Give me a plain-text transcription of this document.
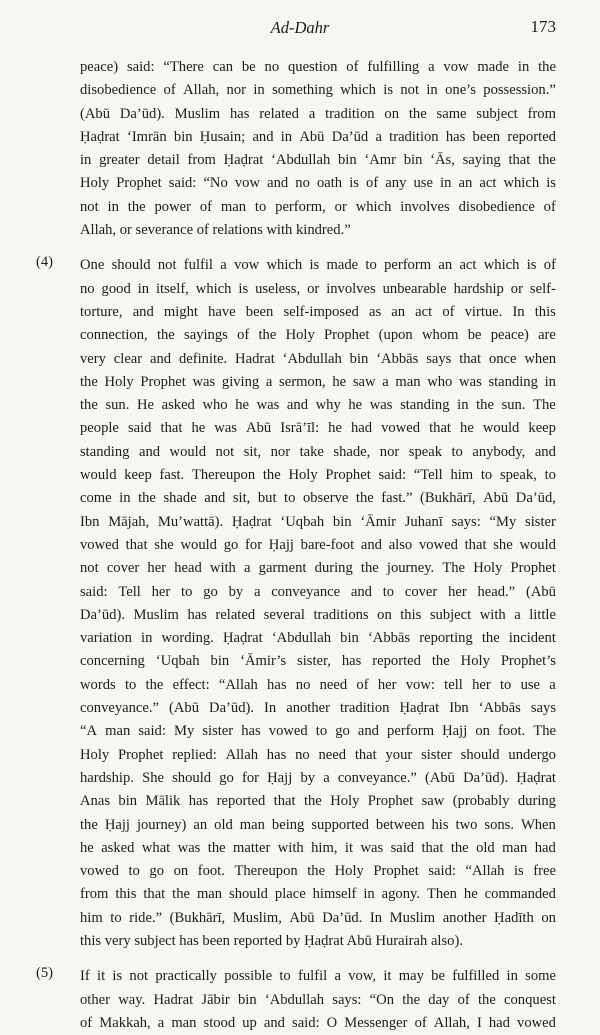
Ad-Dahr	173
peace) said: “There can be no question of fulfilling a vow made in the
disobedience of Allah, nor in something which is not in one’s possession.”
(Abū Da’ūd). Muslim has related a tradition on the same subject from
Ḥaḍrat ‘Imrān bin Ḥusain; and in Abū Da’ūd a tradition has been reported
in greater detail from Ḥaḍrat ‘Abdullah bin ‘Amr bin ‘Ās, saying that the
Holy Prophet said: “No vow and no oath is of any use in an act which is
not in the power of man to perform, or which involves disobedience of
Allah, or severance of relations with kindred.”
(4) One should not fulfil a vow which is made to perform an act which is of
no good in itself, which is useless, or involves unbearable hardship or self-
torture, and might have been self-imposed as an act of virtue. In this
connection, the sayings of the Holy Prophet (upon whom be peace) are
very clear and definite. Hadrat ‘Abdullah bin ‘Abbās says that once when
the Holy Prophet was giving a sermon, he saw a man who was standing in
the sun. He asked who he was and why he was standing in the sun. The
people said that he was Abū Isrā’īl: he had vowed that he would keep
standing and would not sit, nor take shade, nor speak to anybody, and
would keep fast. Thereupon the Holy Prophet said: “Tell him to speak, to
come in the shade and sit, but to observe the fast.” (Bukhārī, Abū Da’ūd,
Ibn Mājah, Mu’wattā). Ḥaḍrat ‘Uqbah bin ‘Āmir Juhanī says: “My sister
vowed that she would go for Ḥajj bare-foot and also vowed that she would
not cover her head with a garment during the journey. The Holy Prophet
said: Tell her to go by a conveyance and to cover her head.” (Abū
Da’ūd). Muslim has related several traditions on this subject with a little
variation in wording. Ḥaḍrat ‘Abdullah bin ‘Abbās reporting the incident
concerning ‘Uqbah bin ‘Āmir’s sister, has reported the Holy Prophet’s
words to the effect: “Allah has no need of her vow: tell her to use a
conveyance.” (Abū Da’ūd). In another tradition Ḥaḍrat Ibn ‘Abbās says
“A man said: My sister has vowed to go and perform Ḥajj on foot. The
Holy Prophet replied: Allah has no need that your sister should undergo
hardship. She should go for Ḥajj by a conveyance.” (Abū Da’ūd). Ḥaḍrat
Anas bin Mālik has reported that the Holy Prophet saw (probably during
the Ḥajj journey) an old man being supported between his two sons. When
he asked what was the matter with him, it was said that the old man had
vowed to go on foot. Thereupon the Holy Prophet said: “Allah is free
from this that the man should place himself in agony. Then he commanded
him to ride.” (Bukhārī, Muslim, Abū Da’ūd. In Muslim another Ḥadīth on
this very subject has been reported by Ḥaḍrat Abū Hurairah also).
(5) If it is not practically possible to fulfil a vow, it may be fulfilled in some
other way. Hadrat Jābir bin ‘Abdullah says: “On the day of the conquest
of Makkah, a man stood up and said: O Messenger of Allah, I had vowed
